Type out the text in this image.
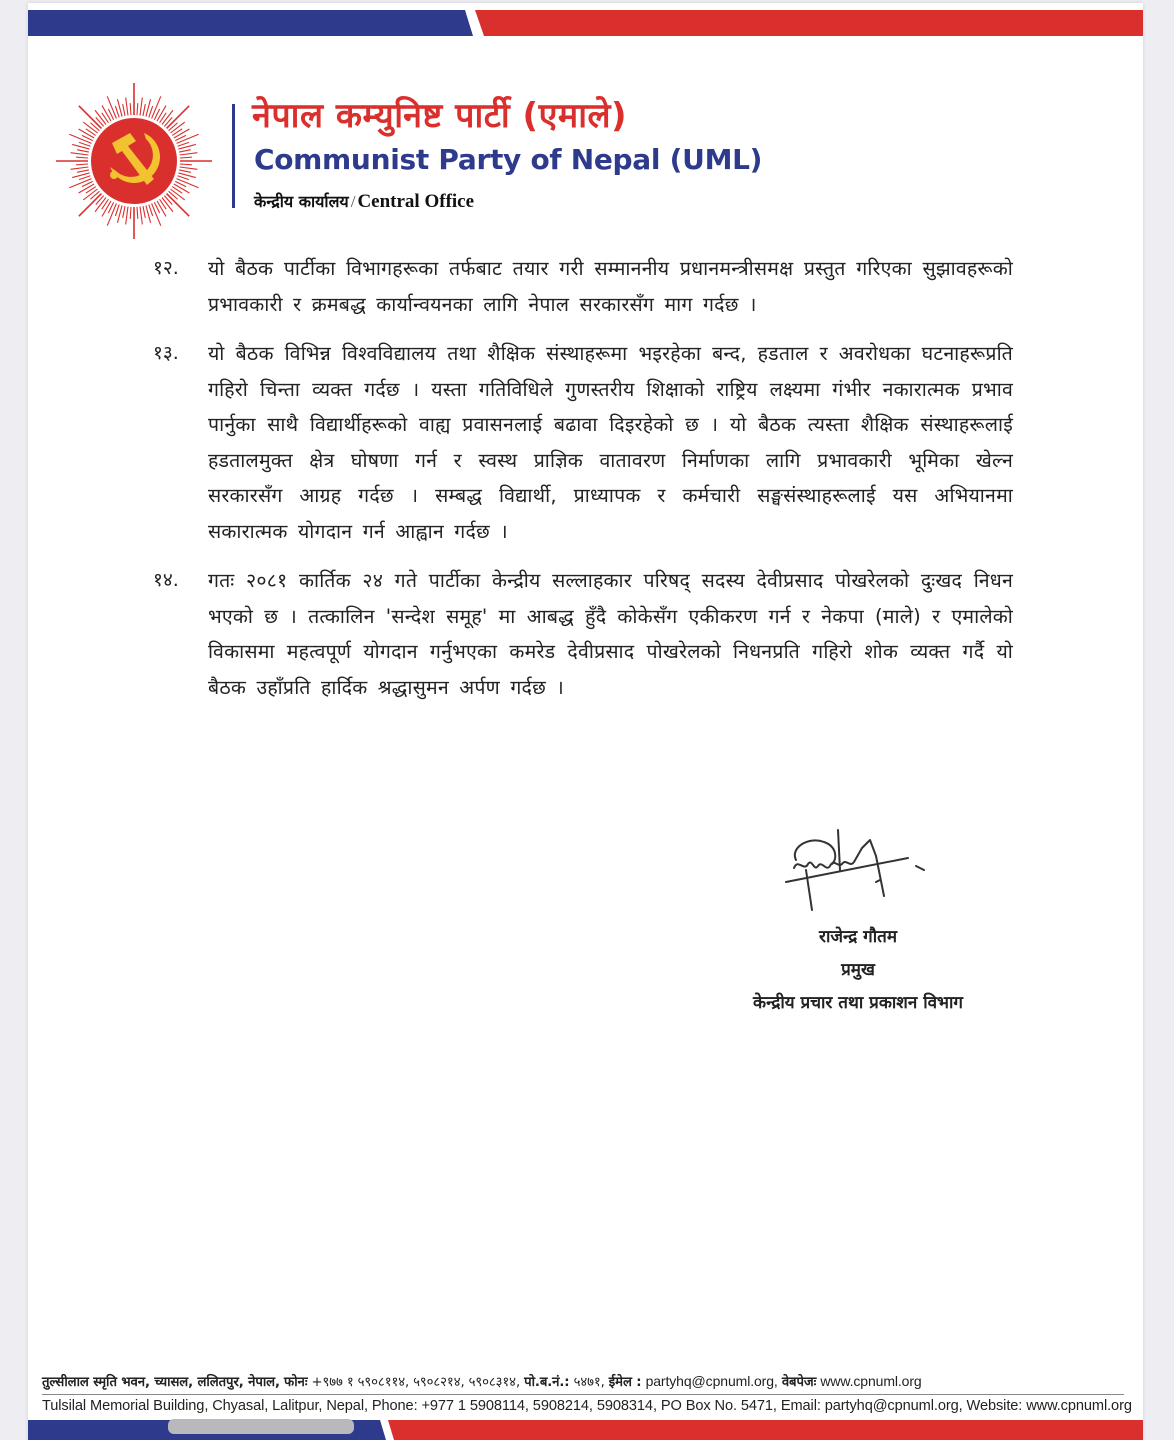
नेपाल कम्युनिष्ट पार्टी (एमाले)
Communist Party of Nepal (UML)
केन्द्रीय कार्यालय / Central Office
१२. यो बैठक पार्टीका विभागहरूका तर्फबाट तयार गरी सम्माननीय प्रधानमन्त्रीसमक्ष प्रस्तुत गरिएका सुझावहरूको प्रभावकारी र क्रमबद्ध कार्यान्वयनका लागि नेपाल सरकारसँग माग गर्दछ ।
१३. यो बैठक विभिन्न विश्वविद्यालय तथा शैक्षिक संस्थाहरूमा भइरहेका बन्द, हडताल र अवरोधका घटनाहरूप्रति गहिरो चिन्ता व्यक्त गर्दछ । यस्ता गतिविधिले गुणस्तरीय शिक्षाको राष्ट्रिय लक्ष्यमा गंभीर नकारात्मक प्रभाव पार्नुका साथै विद्यार्थीहरूको वाह्य प्रवासनलाई बढावा दिइरहेको छ । यो बैठक त्यस्ता शैक्षिक संस्थाहरूलाई हडतालमुक्त क्षेत्र घोषणा गर्न र स्वस्थ प्राज्ञिक वातावरण निर्माणका लागि प्रभावकारी भूमिका खेल्न सरकारसँग आग्रह गर्दछ । सम्बद्ध विद्यार्थी, प्राध्यापक र कर्मचारी सङ्घसंस्थाहरूलाई यस अभियानमा सकारात्मक योगदान गर्न आह्वान गर्दछ ।
१४. गतः २०८१ कार्तिक २४ गते पार्टीका केन्द्रीय सल्लाहकार परिषद् सदस्य देवीप्रसाद पोखरेलको दुःखद निधन भएको छ । तत्कालिन 'सन्देश समूह' मा आबद्ध हुँदै कोकेसँग एकीकरण गर्न र नेकपा (माले) र एमालेको विकासमा महत्वपूर्ण योगदान गर्नुभएका कमरेड देवीप्रसाद पोखरेलको निधनप्रति गहिरो शोक व्यक्त गर्दै यो बैठक उहाँप्रति हार्दिक श्रद्धासुमन अर्पण गर्दछ ।
राजेन्द्र गौतम
प्रमुख
केन्द्रीय प्रचार तथा प्रकाशन विभाग
तुल्सीलाल स्मृति भवन, च्यासल, ललितपुर, नेपाल, फोनः +९७७ १ ५९०८११४, ५९०८२१४, ५९०८३१४, पो.ब.नं.: ५४७१, ईमेल : partyhq@cpnuml.org, वेबपेजः www.cpnuml.org
Tulsilal Memorial Building, Chyasal, Lalitpur, Nepal, Phone: +977 1 5908114, 5908214, 5908314, PO Box No. 5471, Email: partyhq@cpnuml.org, Website: www.cpnuml.org
